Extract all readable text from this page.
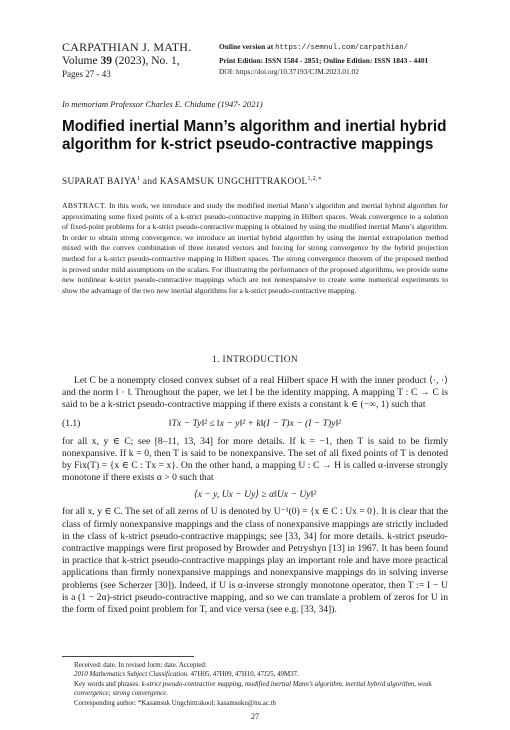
CARPATHIAN J. MATH.
Volume 39 (2023), No. 1,
Pages 27 - 43
Online version at https://semnul.com/carpathian/
Print Edition: ISSN 1584 - 2851; Online Edition: ISSN 1843 - 4401
DOI: https://doi.org/10.37193/CJM.2023.01.02
In memoriam Professor Charles E. Chidume (1947- 2021)
Modified inertial Mann’s algorithm and inertial hybrid
algorithm for k-strict pseudo-contractive mappings
SUPARAT BAIYA$^1$ and KASAMSUK $UNGCHITTRAKOOL^{1,2,∗}$
ABSTRACT. In this work, we introduce and study the modified inertial Mann’s algorithm and inertial hybrid algorithm for approximating some fixed points of a k-strict pseudo-contractive mapping in Hilbert spaces. Weak convergence to a solution of fixed-point problems for a k-strict pseudo-contractive mapping is obtained by using the modified inertial Mann’s algorithm. In order to obtain strong convergence, we introduce an inertial hybrid algorithm by using the inertial extrapolation method mixed with the convex combination of three iterated vectors and forcing for strong convergence by the hybrid projection method for a k-strict pseudo-contractive mapping in Hilbert spaces. The strong convergence theorem of the proposed method is proved under mild assumptions on the scalars. For illustrating the performance of the proposed algorithms, we provide some new nonlinear k-strict pseudo-contractive mappings which are not nonexpansive to create some numerical experiments to show the advantage of the two new inertial algorithms for a k-strict pseudo-contractive mapping.
1. INTRODUCTION

Let C be a nonempty closed convex subset of a real Hilbert space H with the inner product ⟨·, ·⟩ and the norm ‖ · ‖. Throughout the paper, we let I be the identity mapping. A mapping T : C → C is said to be a k-strict pseudo-contractive mapping if there exists a constant k ∈ (−∞, 1) such that

(1.1)	‖Tx − Ty‖² ≤ ‖x − y‖² + k‖(I − T)x − (I − T)y‖²

for all x, y ∈ C; see [8–11, 13, 34] for more details. If k = −1, then T is said to be firmly nonexpansive. If k = 0, then T is said to be nonexpansive. The set of all fixed points of T is denoted by Fix(T) = {x ∈ C : Tx = x}. On the other hand, a mapping U : C → H is called α-inverse strongly monotone if there exists α > 0 such that

⟨x − y, Ux − Uy⟩ ≥ α‖Ux − Uy‖²

for all x, y ∈ C. The set of all zeros of U is denoted by U⁻¹(0) = {x ∈ C : Ux = 0}. It is clear that the class of firmly nonexpansive mappings and the class of nonexpansive mappings are strictly included in the class of k-strict pseudo-contractive mappings; see [33, 34] for more details. k-strict pseudo-contractive mappings were first proposed by Browder and Petryshyn [13] in 1967. It has been found in practice that k-strict pseudo-contractive mappings play an important role and have more practical applications than firmly nonexpansive mappings and nonexpansive mappings do in solving inverse problems (see Scherzer [30]). Indeed, if U is α-inverse strongly monotone operator, then T := I − U is a (1 − 2α)-strict pseudo-contractive mapping, and so we can translate a problem of zeros for U in the form of fixed point problem for T, and vice versa (see e.g. [33, 34]).

Received: date. In revised form: date. Accepted:
2010 Mathematics Subject Classification. 47H05, 47H09, 47H10, 47J25, 49M37.
Key words and phrases. k-strict pseudo-contractive mapping, modified inertial Mann’s algorithm, inertial hybrid algorithm, weak convergence; strong convergence.
Corresponding author: *Kasamsuk Ungchittrakool; kasamsuku@nu.ac.th
27
